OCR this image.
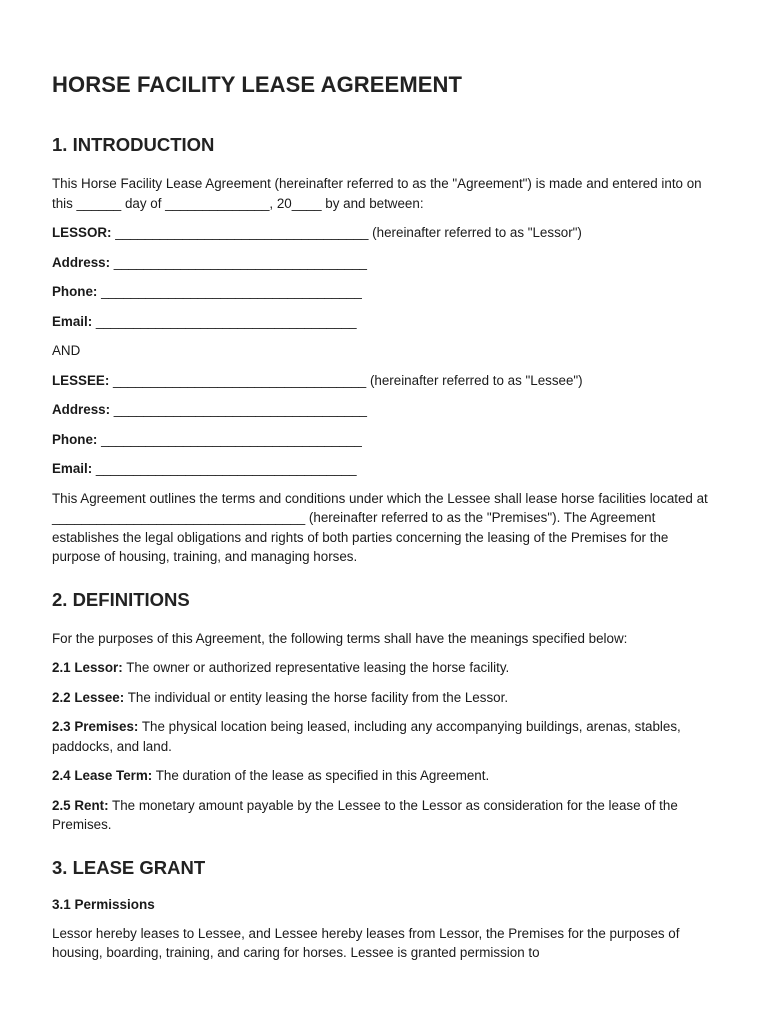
HORSE FACILITY LEASE AGREEMENT
1. INTRODUCTION

This Horse Facility Lease Agreement (hereinafter referred to as the "Agreement") is made and entered into on this ______ day of ______________, 20____ by and between:

LESSOR: __________________________________ (hereinafter referred to as "Lessor")
Address: __________________________________
Phone: ___________________________________
Email: ___________________________________
AND
LESSEE: __________________________________ (hereinafter referred to as "Lessee")
Address: __________________________________
Phone: ___________________________________
Email: ___________________________________

This Agreement outlines the terms and conditions under which the Lessee shall lease horse facilities located at __________________________________ (hereinafter referred to as the "Premises"). The Agreement establishes the legal obligations and rights of both parties concerning the leasing of the Premises for the purpose of housing, training, and managing horses.

2. DEFINITIONS

For the purposes of this Agreement, the following terms shall have the meanings specified below:

2.1 Lessor: The owner or authorized representative leasing the horse facility.

2.2 Lessee: The individual or entity leasing the horse facility from the Lessor.

2.3 Premises: The physical location being leased, including any accompanying buildings, arenas, stables, paddocks, and land.

2.4 Lease Term: The duration of the lease as specified in this Agreement.

2.5 Rent: The monetary amount payable by the Lessee to the Lessor as consideration for the lease of the Premises.

3. LEASE GRANT
3.1 Permissions

Lessor hereby leases to Lessee, and Lessee hereby leases from Lessor, the Premises for the purposes of housing, boarding, training, and caring for horses. Lessee is granted permission to
